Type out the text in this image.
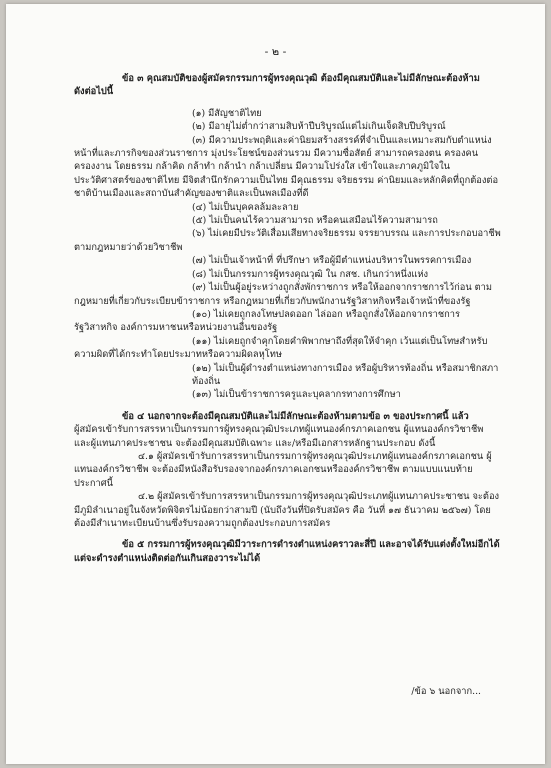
- ๒ -

ข้อ ๓ คุณสมบัติของผู้สมัครกรรมการผู้ทรงคุณวุฒิ ต้องมีคุณสมบัติและไม่มีลักษณะต้องห้าม

ดังต่อไปนี้

(๑) มีสัญชาติไทย

(๒) มีอายุไม่ต่ำกว่าสามสิบห้าปีบริบูรณ์แต่ไม่เกินเจ็ดสิบปีบริบูรณ์

(๓) มีความประพฤติและค่านิยมสร้างสรรค์ที่จำเป็นและเหมาะสมกับตำแหน่งหน้าที่และภารกิจของส่วนราชการ มุ่งประโยชน์ของส่วนรวม มีความซื่อสัตย์ สามารถครองตน ครองคน ครองงาน โดยธรรม กล้าคิด กล้าทำ กล้านำ กล้าเปลี่ยน มีความโปร่งใส เข้าใจและภาคภูมิใจในประวัติศาสตร์ของชาติไทย มีจิตสำนึกรักความเป็นไทย มีคุณธรรม จริยธรรม ค่านิยมและหลักคิดที่ถูกต้องต่อชาติบ้านเมืองและสถาบันสำคัญของชาติและเป็นพลเมืองที่ดี

(๔) ไม่เป็นบุคคลล้มละลาย

(๕) ไม่เป็นคนไร้ความสามารถ หรือคนเสมือนไร้ความสามารถ

(๖) ไม่เคยมีประวัติเสื่อมเสียทางจริยธรรม จรรยาบรรณ และการประกอบอาชีพตามกฎหมายว่าด้วยวิชาชีพ

(๗) ไม่เป็นเจ้าหน้าที่ ที่ปรึกษา หรือผู้มีตำแหน่งบริหารในพรรคการเมือง

(๘) ไม่เป็นกรรมการผู้ทรงคุณวุฒิ ใน กสช. เกินกว่าหนึ่งแห่ง

(๙) ไม่เป็นผู้อยู่ระหว่างถูกสั่งพักราชการ หรือให้ออกจากราชการไว้ก่อน ตามกฎหมายที่เกี่ยวกับระเบียบข้าราชการ หรือกฎหมายที่เกี่ยวกับพนักงานรัฐวิสาหกิจหรือเจ้าหน้าที่ของรัฐ

(๑๐) ไม่เคยถูกลงโทษปลดออก ไล่ออก หรือถูกสั่งให้ออกจากราชการ รัฐวิสาหกิจ องค์การมหาชนหรือหน่วยงานอื่นของรัฐ

(๑๑) ไม่เคยถูกจำคุกโดยคำพิพากษาถึงที่สุดให้จำคุก เว้นแต่เป็นโทษสำหรับความผิดที่ได้กระทำโดยประมาทหรือความผิดลหุโทษ

(๑๒) ไม่เป็นผู้ดำรงตำแหน่งทางการเมือง หรือผู้บริหารท้องถิ่น หรือสมาชิกสภาท้องถิ่น

(๑๓) ไม่เป็นข้าราชการครูและบุคลากรทางการศึกษา

ข้อ ๔ นอกจากจะต้องมีคุณสมบัติและไม่มีลักษณะต้องห้ามตามข้อ ๓ ของประกาศนี้ แล้ว

ผู้สมัครเข้ารับการสรรหาเป็นกรรมการผู้ทรงคุณวุฒิประเภทผู้แทนองค์กรภาคเอกชน ผู้แทนองค์กรวิชาชีพ และผู้แทนภาคประชาชน จะต้องมีคุณสมบัติเฉพาะ และ/หรือมีเอกสารหลักฐานประกอบ ดังนี้

๔.๑ ผู้สมัครเข้ารับการสรรหาเป็นกรรมการผู้ทรงคุณวุฒิประเภทผู้แทนองค์กรภาคเอกชน ผู้แทนองค์กรวิชาชีพ จะต้องมีหนังสือรับรองจากองค์กรภาคเอกชนหรือองค์กรวิชาชีพ ตามแบบแนบท้ายประกาศนี้

๔.๒ ผู้สมัครเข้ารับการสรรหาเป็นกรรมการผู้ทรงคุณวุฒิประเภทผู้แทนภาคประชาชน จะต้องมีภูมิลำเนาอยู่ในจังหวัดพิจิตรไม่น้อยกว่าสามปี (นับถึงวันที่ปิดรับสมัคร คือ วันที่ ๑๗ ธันวาคม ๒๕๖๗) โดยต้องมีสำเนาทะเบียนบ้านซึ่งรับรองความถูกต้องประกอบการสมัคร

ข้อ ๕ กรรมการผู้ทรงคุณวุฒิมีวาระการดำรงตำแหน่งคราวละสี่ปี และอาจได้รับแต่งตั้งใหม่อีกได้ แต่จะดำรงตำแหน่งติดต่อกันเกินสองวาระไม่ได้

/ข้อ ๖ นอกจาก...
